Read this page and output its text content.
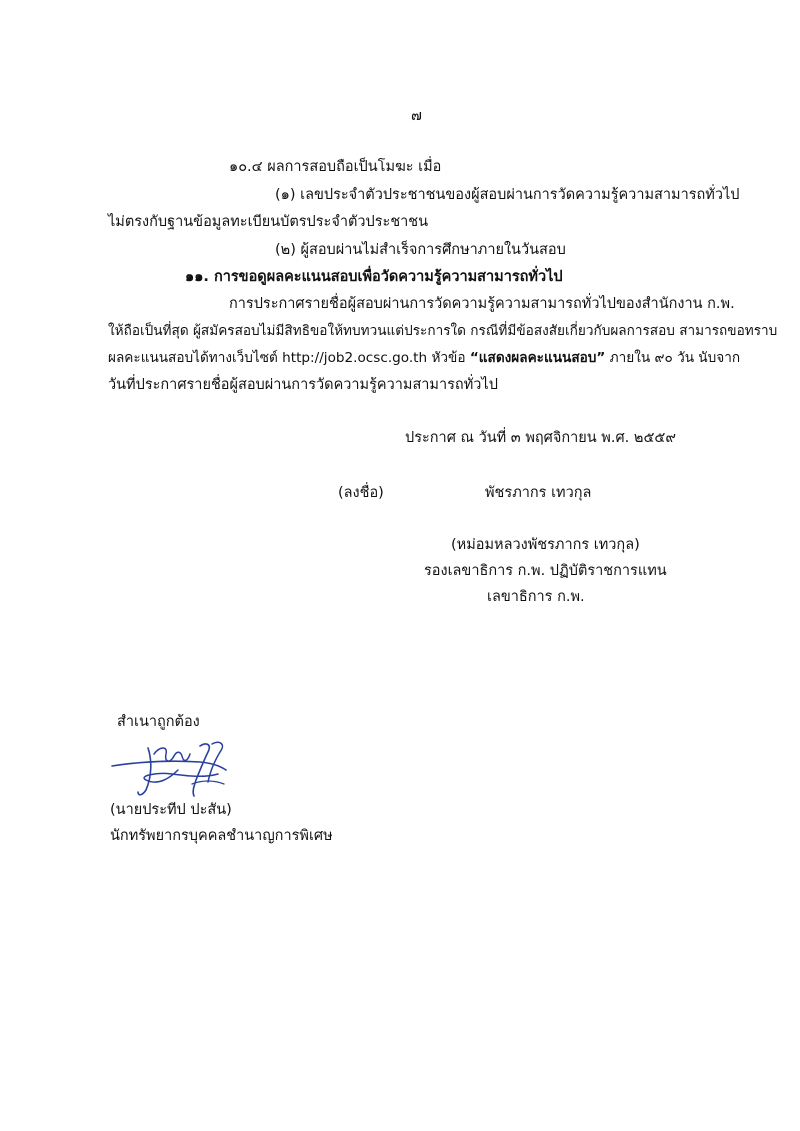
๗
๑๐.๔ ผลการสอบถือเป็นโมฆะ เมื่อ
(๑) เลขประจำตัวประชาชนของผู้สอบผ่านการวัดความรู้ความสามารถทั่วไป
ไม่ตรงกับฐานข้อมูลทะเบียนบัตรประจำตัวประชาชน
(๒) ผู้สอบผ่านไม่สำเร็จการศึกษาภายในวันสอบ
๑๑. การขอดูผลคะแนนสอบเพื่อวัดความรู้ความสามารถทั่วไป
การประกาศรายชื่อผู้สอบผ่านการวัดความรู้ความสามารถทั่วไปของสำนักงาน ก.พ.
ให้ถือเป็นที่สุด ผู้สมัครสอบไม่มีสิทธิขอให้ทบทวนแต่ประการใด กรณีที่มีข้อสงสัยเกี่ยวกับผลการสอบ สามารถขอทราบ
ผลคะแนนสอบได้ทางเว็บไซต์ http://job2.ocsc.go.th หัวข้อ “แสดงผลคะแนนสอบ” ภายใน ๙๐ วัน นับจาก
วันที่ประกาศรายชื่อผู้สอบผ่านการวัดความรู้ความสามารถทั่วไป
ประกาศ ณ วันที่ ๓ พฤศจิกายน พ.ศ. ๒๕๕๙
(ลงชื่อ)	พัชรภากร เทวกุล
(หม่อมหลวงพัชรภากร เทวกุล)
รองเลขาธิการ ก.พ. ปฏิบัติราชการแทน
เลขาธิการ ก.พ.
สำเนาถูกต้อง
(นายประทีป ปะสัน)
นักทรัพยากรบุคคลชำนาญการพิเศษ
